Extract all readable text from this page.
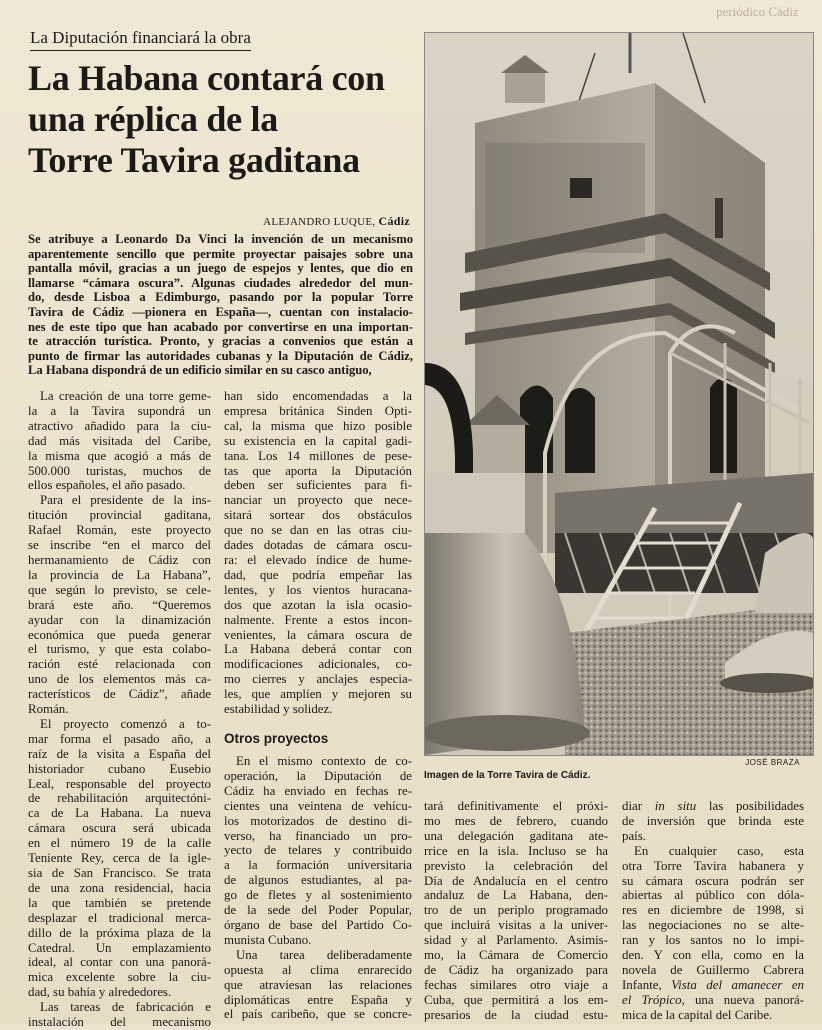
periódico Cádiz
La Diputación financiará la obra
La Habana contará con
una réplica de la
Torre Tavira gaditana
ALEJANDRO LUQUE, Cádiz
Se atribuye a Leonardo Da Vinci la invención de un mecanismo
aparentemente sencillo que permite proyectar paisajes sobre una
pantalla móvil, gracias a un juego de espejos y lentes, que dio en
llamarse “cámara oscura”. Algunas ciudades alrededor del mun-
do, desde Lisboa a Edimburgo, pasando por la popular Torre
Tavira de Cádiz —pionera en España—, cuentan con instalacio-
nes de este tipo que han acabado por convertirse en una importan-
te atracción turística. Pronto, y gracias a convenios que están a
punto de firmar las autoridades cubanas y la Diputación de Cádiz,
La Habana dispondrá de un edificio similar en su casco antiguo,
La creación de una torre geme-
la a la Tavira supondrá un
atractivo añadido para la ciu-
dad más visitada del Caribe,
la misma que acogió a más de
500.000 turistas, muchos de
ellos españoles, el año pasado.
Para el presidente de la ins-
titución provincial gaditana,
Rafael Román, este proyecto
se inscribe “en el marco del
hermanamiento de Cádiz con
la provincia de La Habana”,
que según lo previsto, se cele-
brará este año. “Queremos
ayudar con la dinamización
económica que pueda generar
el turismo, y que esta colabo-
ración esté relacionada con
uno de los elementos más ca-
racterísticos de Cádiz”, añade
Román.
El proyecto comenzó a to-
mar forma el pasado año, a
raíz de la visita a España del
historiador cubano Eusebio
Leal, responsable del proyecto
de rehabilitación arquitectóni-
ca de La Habana. La nueva
cámara oscura será ubicada
en el número 19 de la calle
Teniente Rey, cerca de la igle-
sia de San Francisco. Se trata
de una zona residencial, hacia
la que también se pretende
desplazar el tradicional merca-
dillo de la próxima plaza de la
Catedral. Un emplazamiento
ideal, al contar con una panorá-
mica excelente sobre la ciu-
dad, su bahía y alrededores.
Las tareas de fabricación e
instalación del mecanismo
han sido encomendadas a la
empresa británica Sinden Opti-
cal, la misma que hizo posible
su existencia en la capital gadi-
tana. Los 14 millones de pese-
tas que aporta la Diputación
deben ser suficientes para fi-
nanciar un proyecto que nece-
sitará sortear dos obstáculos
que no se dan en las otras ciu-
dades dotadas de cámara oscu-
ra: el elevado índice de hume-
dad, que podría empeñar las
lentes, y los vientos huracana-
dos que azotan la isla ocasio-
nalmente. Frente a estos incon-
venientes, la cámara oscura de
La Habana deberá contar con
modificaciones adicionales, co-
mo cierres y anclajes especia-
les, que amplíen y mejoren su
estabilidad y solidez.
Otros proyectos
En el mismo contexto de co-
operación, la Diputación de
Cádiz ha enviado en fechas re-
cientes una veintena de vehícu-
los motorizados de destino di-
verso, ha financiado un pro-
yecto de telares y contribuido
a la formación universitaria
de algunos estudiantes, al pa-
go de fletes y al sostenimiento
de la sede del Poder Popular,
órgano de base del Partido Co-
munista Cubano.
Una tarea deliberadamente
opuesta al clima enrarecido
que atraviesan las relaciones
diplomáticas entre España y
el país caribeño, que se concre-
tará definitivamente el próxi-
mo mes de febrero, cuando
una delegación gaditana ate-
rrice en la isla. Incluso se ha
previsto la celebración del
Día de Andalucía en el centro
andaluz de La Habana, den-
tro de un periplo programado
que incluirá visitas a la univer-
sidad y al Parlamento. Asimis-
mo, la Cámara de Comercio
de Cádiz ha organizado para
fechas similares otro viaje a
Cuba, que permitirá a los em-
presarios de la ciudad estu-
diar in situ las posibilidades
de inversión que brinda este
país.
En cualquier caso, esta
otra Torre Tavira habanera y
su cámara oscura podrán ser
abiertas al público con dóla-
res en diciembre de 1998, si
las negociaciones no se alte-
ran y los santos no lo impi-
den. Y con ella, como en la
novela de Guillermo Cabrera
Infante, Vista del amanecer en
el Trópico, una nueva panorá-
mica de la capital del Caribe.
JOSÉ BRAZA
Imagen de la Torre Tavira de Cádiz.
